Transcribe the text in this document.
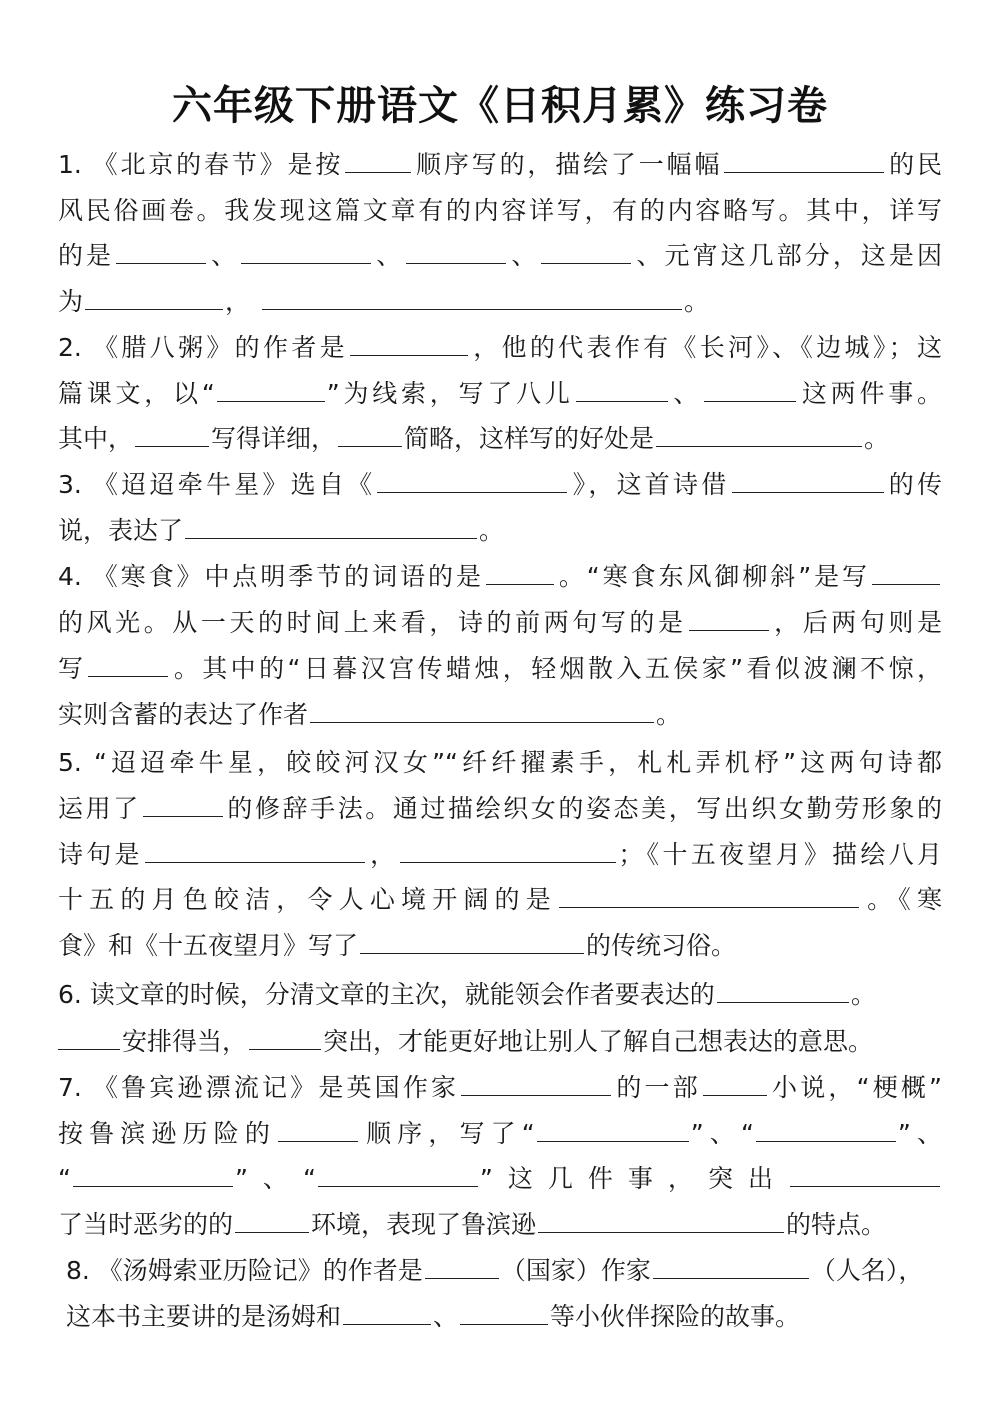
六年级下册语文《日积月累》练习卷
1. 《北京的春节》是按	顺序写的，描绘了一幅幅	的民
风民俗画卷。我发现这篇文章有的内容详写，有的内容略写。其中，详写
的是	、	、	、	、元宵这几部分，这是因
为	，	。
2. 《腊八粥》的作者是	，他的代表作有《长河》、《边城》；这
篇课文，以“	”为线索，写了八儿	、	这两件事。
其中，	写得详细，	简略，这样写的好处是	。
3. 《迢迢牵牛星》选自《	》，这首诗借	的传
说，表达了	。
4. 《寒食》中点明季节的词语的是	。“寒食东风御柳斜”是写
的风光。从一天的时间上来看，诗的前两句写的是	，后两句则是
写	。其中的“日暮汉宫传蜡烛，轻烟散入五侯家”看似波澜不惊，
实则含蓄的表达了作者	。
5. “迢迢牵牛星，皎皎河汉女”“纤纤擢素手，札札弄机杼”这两句诗都
运用了	的修辞手法。通过描绘织女的姿态美，写出织女勤劳形象的
诗句是	，	；《十五夜望月》描绘八月
十五的月色皎洁，令人心境开阔的是	。《寒
食》和《十五夜望月》写了	的传统习俗。
6. 读文章的时候，分清文章的主次，就能领会作者要表达的	。
安排得当，	突出，才能更好地让别人了解自己想表达的意思。
7. 《鲁宾逊漂流记》是英国作家	的一部	小说，“梗概”
按鲁滨逊历险的	顺序，写了“	”、“	”、
“	”、“	”这几件事，突出
了当时恶劣的的	环境，表现了鲁滨逊	的特点。
8. 《汤姆索亚历险记》的作者是	（国家）作家	（人名），
这本书主要讲的是汤姆和	、	等小伙伴探险的故事。
